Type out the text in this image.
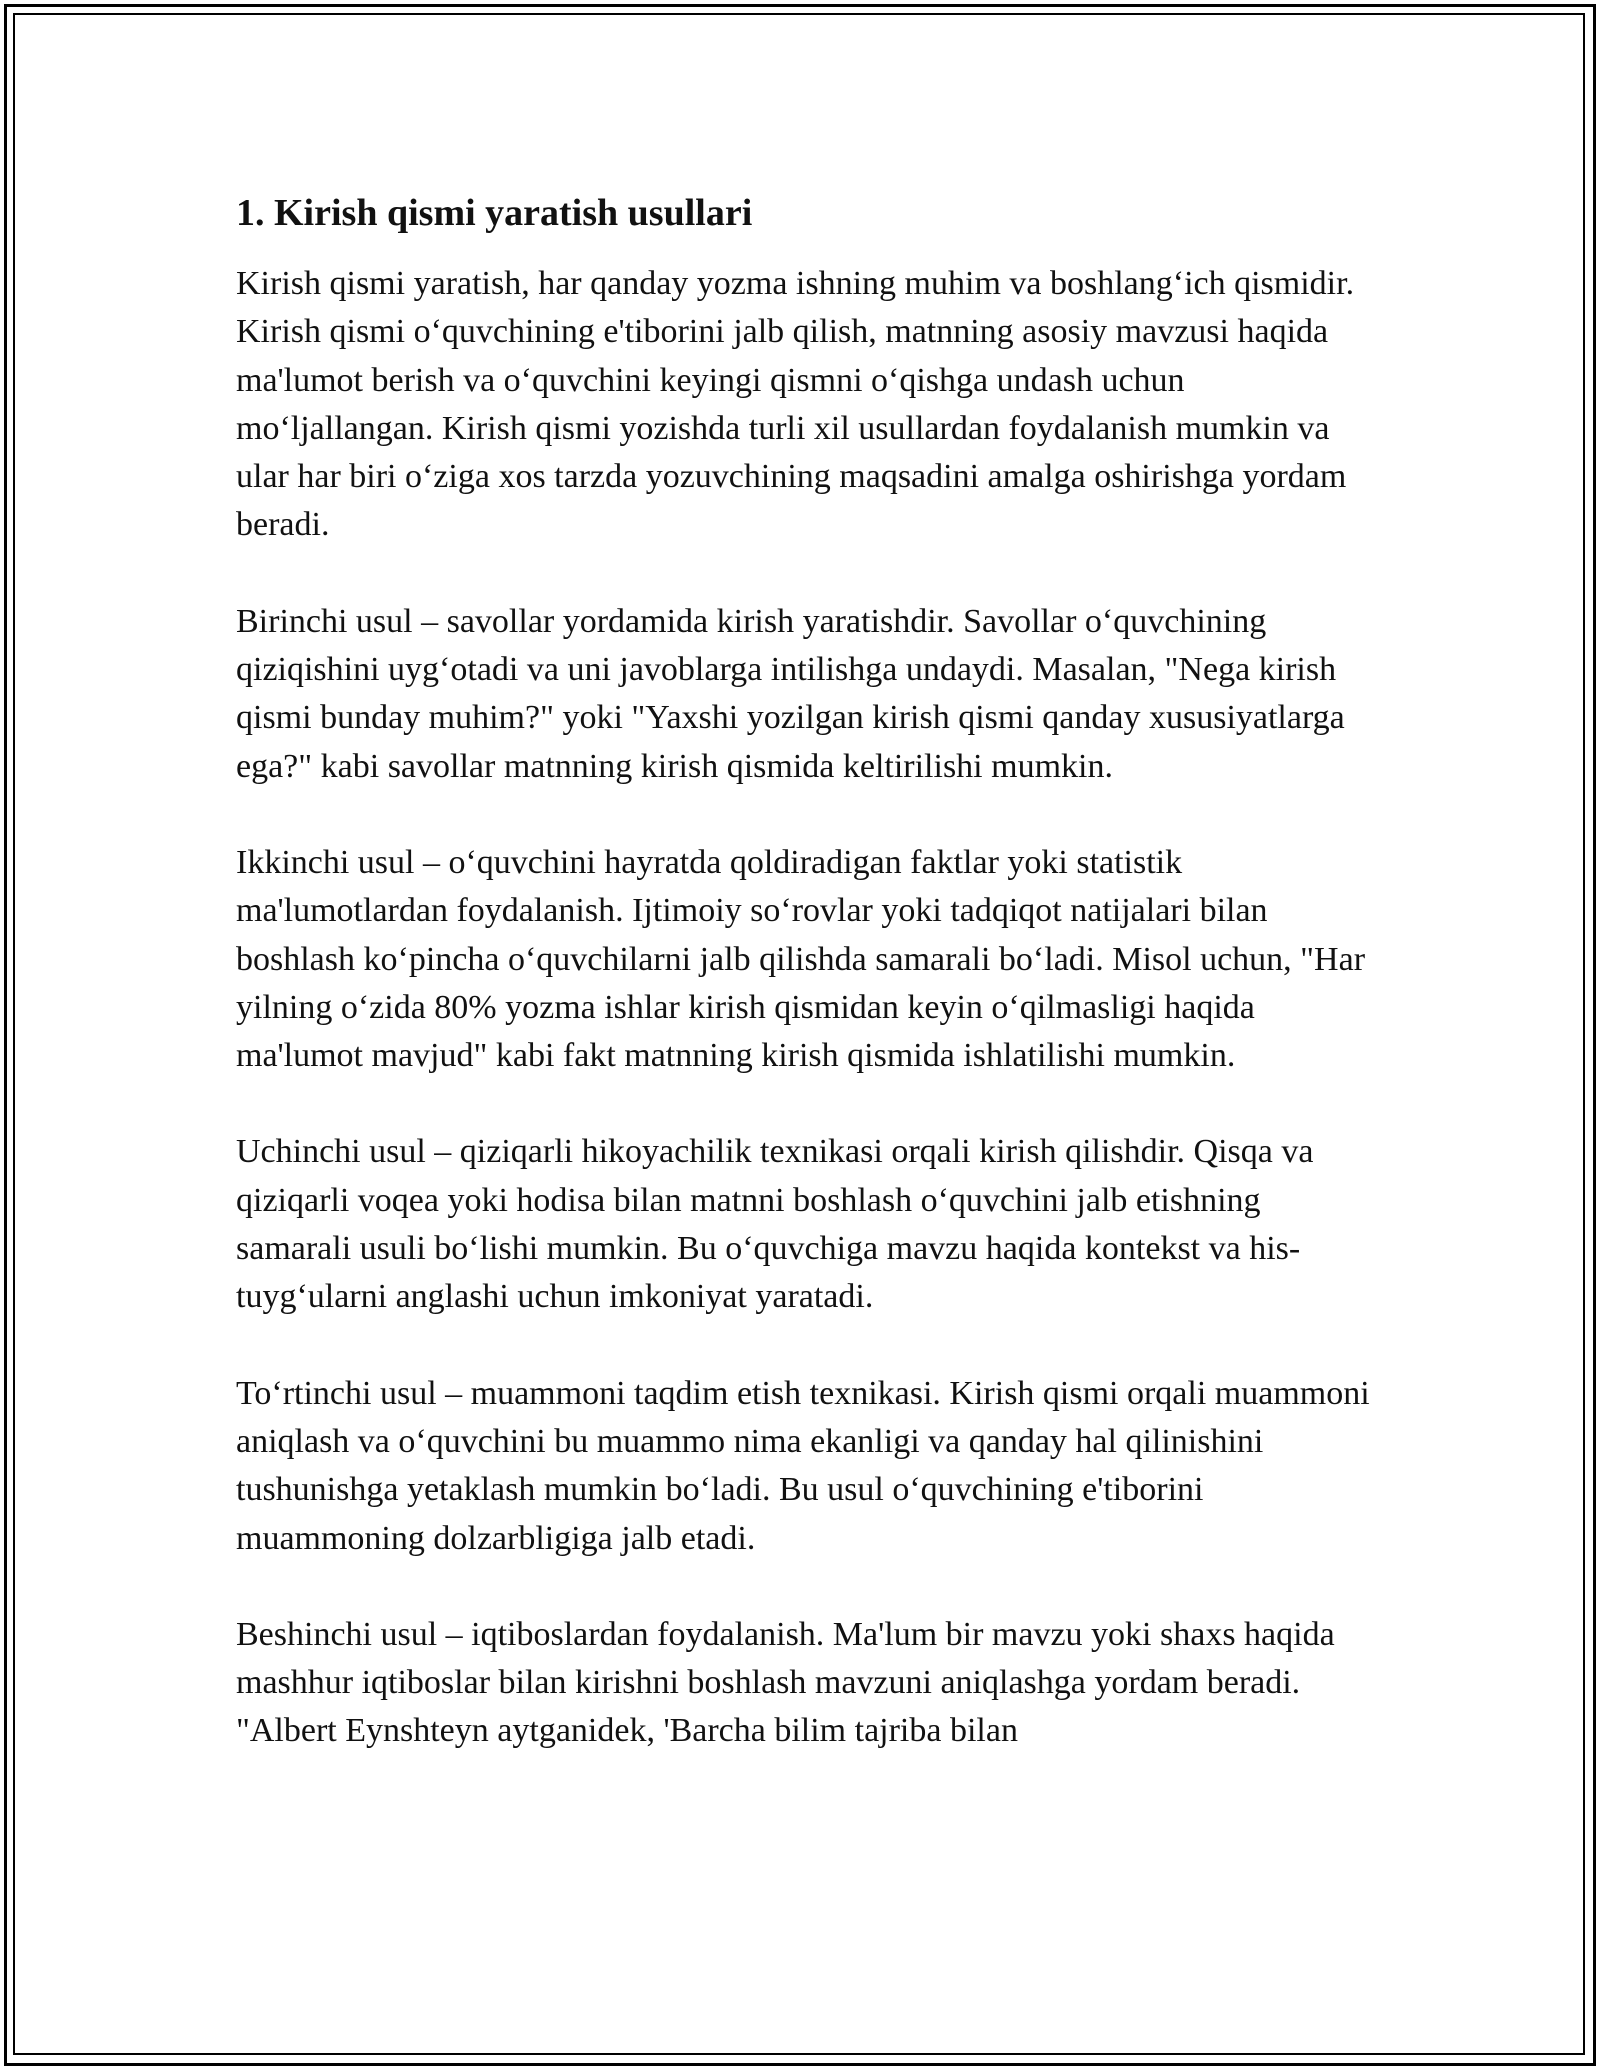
1. Kirish qismi yaratish usullari

Kirish qismi yaratish, har qanday yozma ishning muhim va boshlang‘ich qismidir. Kirish qismi o‘quvchining e'tiborini jalb qilish, matnning asosiy mavzusi haqida ma'lumot berish va o‘quvchini keyingi qismni o‘qishga undash uchun mo‘ljallangan. Kirish qismi yozishda turli xil usullardan foydalanish mumkin va ular har biri o‘ziga xos tarzda yozuvchining maqsadini amalga oshirishga yordam beradi.

Birinchi usul – savollar yordamida kirish yaratishdir. Savollar o‘quvchining qiziqishini uyg‘otadi va uni javoblarga intilishga undaydi. Masalan, "Nega kirish qismi bunday muhim?" yoki "Yaxshi yozilgan kirish qismi qanday xususiyatlarga ega?" kabi savollar matnning kirish qismida keltirilishi mumkin.

Ikkinchi usul – o‘quvchini hayratda qoldiradigan faktlar yoki statistik ma'lumotlardan foydalanish. Ijtimoiy so‘rovlar yoki tadqiqot natijalari bilan boshlash ko‘pincha o‘quvchilarni jalb qilishda samarali bo‘ladi. Misol uchun, "Har yilning o‘zida 80% yozma ishlar kirish qismidan keyin o‘qilmasligi haqida ma'lumot mavjud" kabi fakt matnning kirish qismida ishlatilishi mumkin.

Uchinchi usul – qiziqarli hikoyachilik texnikasi orqali kirish qilishdir. Qisqa va qiziqarli voqea yoki hodisa bilan matnni boshlash o‘quvchini jalb etishning samarali usuli bo‘lishi mumkin. Bu o‘quvchiga mavzu haqida kontekst va his-tuyg‘ularni anglashi uchun imkoniyat yaratadi.

To‘rtinchi usul – muammoni taqdim etish texnikasi. Kirish qismi orqali muammoni aniqlash va o‘quvchini bu muammo nima ekanligi va qanday hal qilinishini tushunishga yetaklash mumkin bo‘ladi. Bu usul o‘quvchining e'tiborini muammoning dolzarbligiga jalb etadi.

Beshinchi usul – iqtiboslardan foydalanish. Ma'lum bir mavzu yoki shaxs haqida mashhur iqtiboslar bilan kirishni boshlash mavzuni aniqlashga yordam beradi. "Albert Eynshteyn aytganidek, 'Barcha bilim tajriba bilan
